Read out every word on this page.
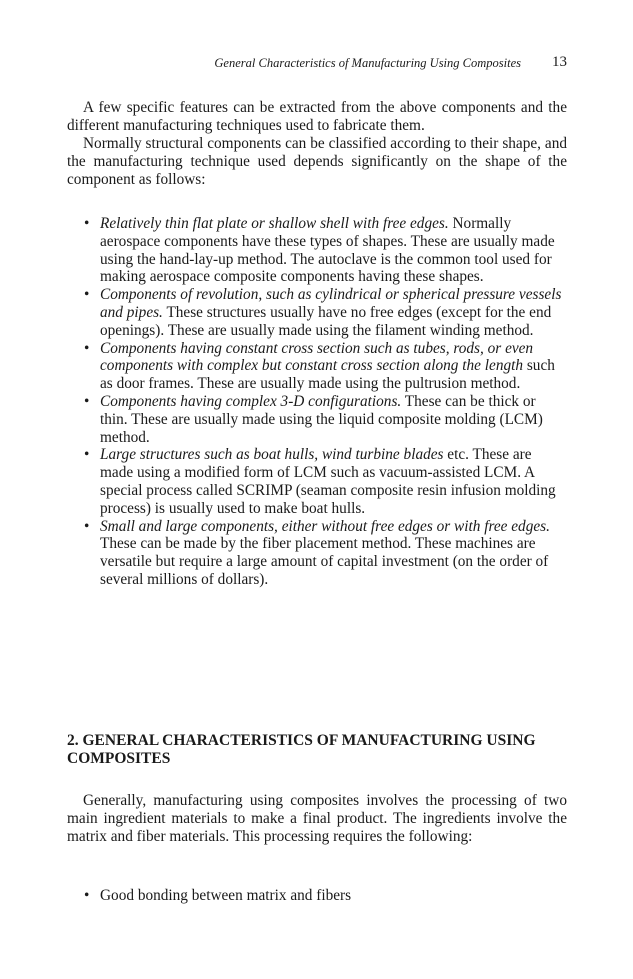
General Characteristics of Manufacturing Using Composites 13

A few specific features can be extracted from the above components and the different manufacturing techniques used to fabricate them.

Normally structural components can be classified according to their shape, and the manufacturing technique used depends significantly on the shape of the component as follows:

• Relatively thin flat plate or shallow shell with free edges. Normally aerospace components have these types of shapes. These are usually made using the hand-lay-up method. The autoclave is the common tool used for making aerospace composite components having these shapes.
• Components of revolution, such as cylindrical or spherical pressure vessels and pipes. These structures usually have no free edges (except for the end openings). These are usually made using the filament winding method.
• Components having constant cross section such as tubes, rods, or even components with complex but constant cross section along the length such as door frames. These are usually made using the pultrusion method.
• Components having complex 3-D configurations. These can be thick or thin. These are usually made using the liquid composite molding (LCM) method.
• Large structures such as boat hulls, wind turbine blades etc. These are made using a modified form of LCM such as vacuum-assisted LCM. A special process called SCRIMP (seaman composite resin infusion molding process) is usually used to make boat hulls.
• Small and large components, either without free edges or with free edges. These can be made by the fiber placement method. These machines are versatile but require a large amount of capital investment (on the order of several millions of dollars).
2. GENERAL CHARACTERISTICS OF MANUFACTURING USING COMPOSITES

Generally, manufacturing using composites involves the processing of two main ingredient materials to make a final product. The ingredients involve the matrix and fiber materials. This processing requires the following:

• Good bonding between matrix and fibers
